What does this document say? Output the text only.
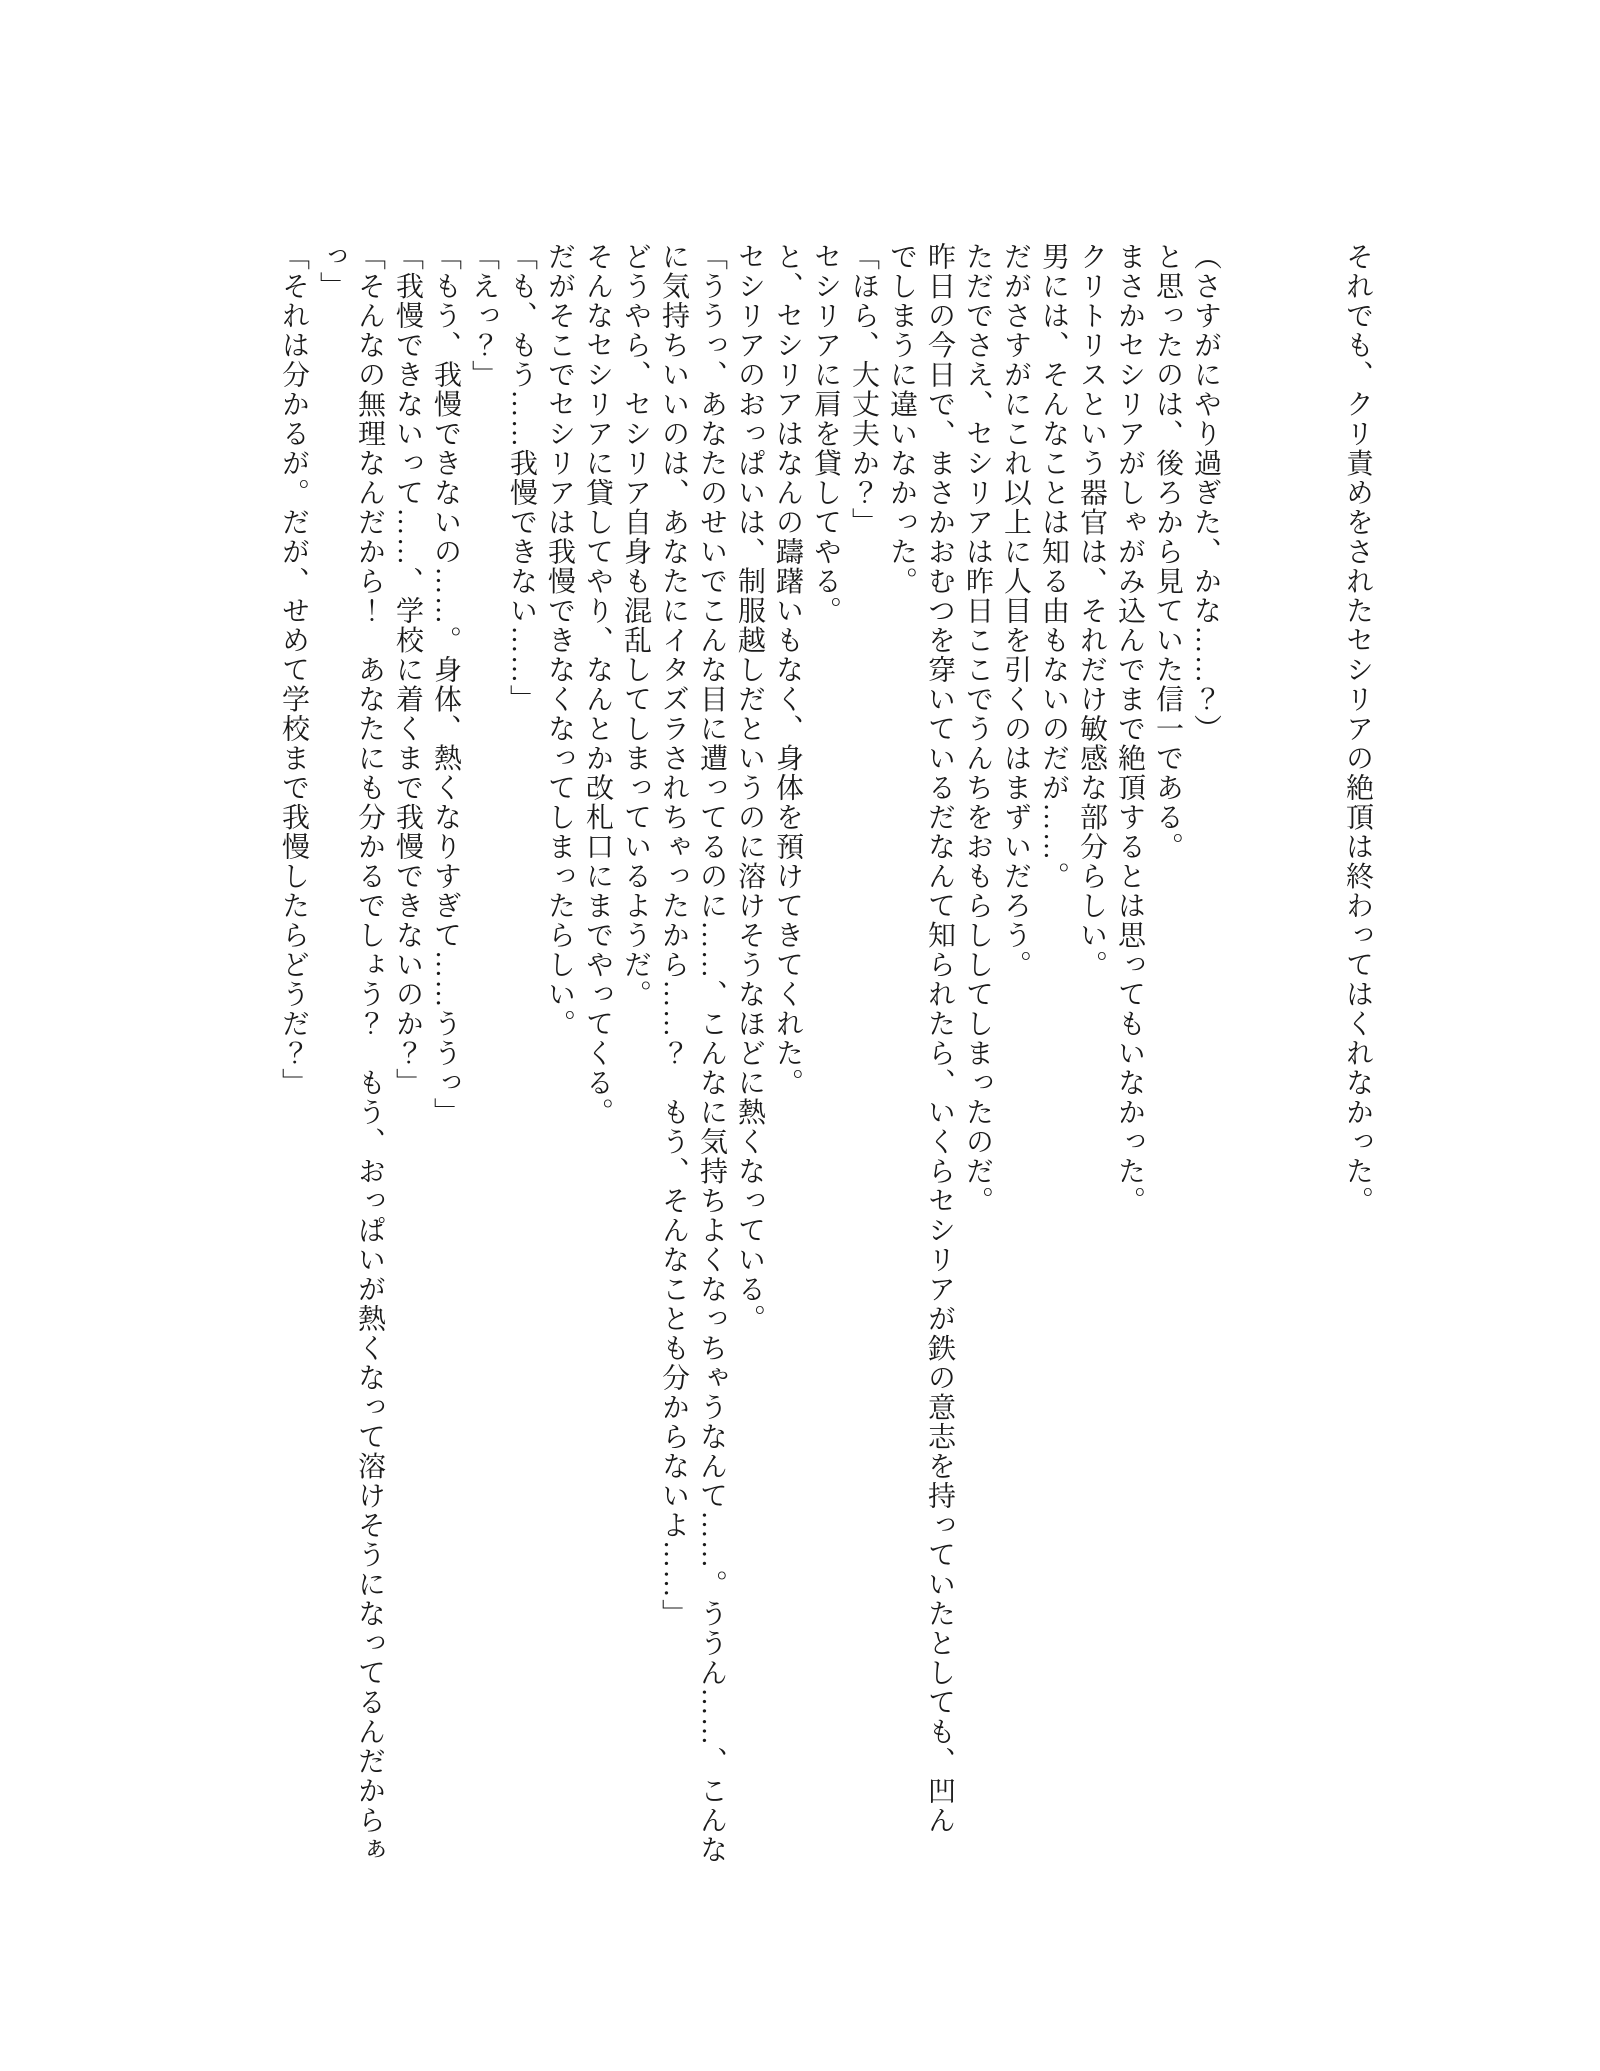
それでも、クリ責めをされたセシリアの絶頂は終わってはくれなかった。

（さすがにやり過ぎた、かな……？）
と思ったのは、後ろから見ていた信一である。
まさかセシリアがしゃがみ込んでまで絶頂するとは思ってもいなかった。
クリトリスという器官は、それだけ敏感な部分らしい。
男には、そんなことは知る由もないのだが……。
だがさすがにこれ以上に人目を引くのはまずいだろう。
ただでさえ、セシリアは昨日ここでうんちをおもらししてしまったのだ。
昨日の今日で、まさかおむつを穿いているだなんて知られたら、いくらセシリアが鉄の意志を持っていたとしても、凹ん
でしまうに違いなかった。
「ほら、大丈夫か？」
セシリアに肩を貸してやる。
と、セシリアはなんの躊躇いもなく、身体を預けてきてくれた。
セシリアのおっぱいは、制服越しだというのに溶けそうなほどに熱くなっている。
「ううっ、あなたのせいでこんな目に遭ってるのに……、こんなに気持ちよくなっちゃうなんて……。ううん……、こんな
に気持ちいいのは、あなたにイタズラされちゃったから……？　もう、そんなことも分からないよ……」
どうやら、セシリア自身も混乱してしまっているようだ。
そんなセシリアに貸してやり、なんとか改札口にまでやってくる。
だがそこでセシリアは我慢できなくなってしまったらしい。
「も、もう……我慢できない……」
「えっ？」
「もう、我慢できないの……。身体、熱くなりすぎて……ううっ」
「我慢できないって……、学校に着くまで我慢できないのか？」
「そんなの無理なんだから！　あなたにも分かるでしょう？　もう、おっぱいが熱くなって溶けそうになってるんだからぁ
っ」
「それは分かるが。だが、せめて学校まで我慢したらどうだ？」
